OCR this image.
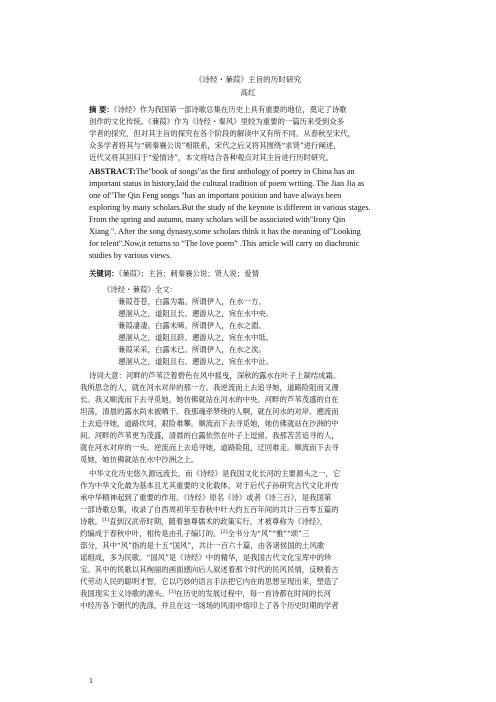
《诗经・蒹葭》主旨的历时研究
高红
摘 要：《诗经》作为我国第一部诗歌总集在历史上具有重要的地位，奠定了诗歌
创作的文化传统。《蒹葭》作为《诗经・秦风》里较为重要的一篇历来受到众多
学者的探究，但对其主旨的探究在各个阶段的解读中又有所不同。从春秋至宋代，
众多学者将其与“刺秦襄公说”相联系，宋代之后又将其围绕“求贤”进行阐述，
近代又将其回归于“爱情诗”，本文将结合各种观点对其主旨进行历时研究。
ABSTRACT:The"book of songs"as the first anthology of poetry in China has an
important status in history,laid the cultural tradition of poem writing. The Jian Jia as
one of"The Qin Feng songs "has an important position and have always been
exploring by many scholars.But the study of the keynote is different in various stages.
From the spring and autumn, many scholars will be associated with"Irony Qin
Xiang ". After the song dynasty,some scholars think it has the meaning of"Looking
for telent".Now,it returns to “The love poem” .This article will carry on diachronic
studies by various views.
关键词：《蒹葭》；主旨；刺秦襄公说；贤人说；爱情
《诗经・蒹葭》全文：
蒹葭苍苍，白露为霜。所谓伊人，在水一方。
遡洄从之，道阻且长。遡游从之，宛在水中央。
蒹葭凄凄，白露未晞。所谓伊人，在水之湄。
遡洄从之，道阻且跻。遡游从之，宛在水中坻。
蒹葭采采，白露未已。所谓伊人，在水之涘。
遡洄从之，道阻且右。遡游从之，宛在水中沚。
诗词大意：河畔的芦苇泛着碧色在风中摇曳，深秋的露水在叶子上凝结成霜。
我所思念的人，就在河水对岸的那一方。我逆流而上去追寻她，道路险阻而又漫
长。我又顺流而下去寻觅她，她仿佛就站在河水的中央。河畔的芦苇茂盛的自在
坦荡，清晨的露水尚未被晒干。我那魂牵梦绕的人啊，就在河水的对岸。遡流而
上去追寻她，道路坎坷，艰险难攀。顺流而下去寻觅她，她仿佛就站在沙洲的中
间。河畔的芦苇更为茂盛，清晨的白露依然在叶子上逗留。我那苦苦追寻的人，
就在河水对岸的一头。逆流而上去追寻她，道路险阻，迂回难走。顺流而下去寻
觅她，她仿佛就站在水中沙洲之上。
中华文化历史悠久源远流长，而《诗经》是我国文化长河的主要源头之一，它
作为中华文化最为基本且尤其重要的文化载体，对于后代子孙研究古代文化并传
承中华精神起到了重要的作用。《诗经》原名《诗》或者《诗三百》，是我国第
一部诗歌总集，收录了自西周初年至春秋中叶大约五百年间的共计三百零五篇的
诗歌。[1]直到汉武帝时期，随着独尊儒术的政策实行，才被尊称为《诗经》，
约编成于春秋中叶，相传是由孔子编订的。[2]全书分为“风”“雅”“颂”三
部分，其中“风”指的是十五“国风”，共计一百六十篇，由各诸侯国的土风歌
谣组成，多为民歌。“国风”是《诗经》中的精华，是我国古代文化宝库中的珍
宝。其中的民歌以其绚丽的画面感向后人叙述着那个时代的民风民情，反映着古
代劳动人民的聪明才智，它以巧妙的语言手法把它内在的思想呈现出来，塑造了
我国现实主义诗歌的源头。[3]在历史的发展过程中，每一首诗都在时间的长河
中经历各个朝代的洗涤，并且在这一场场的风雨中熔印上了各个历史时期的学者
1
